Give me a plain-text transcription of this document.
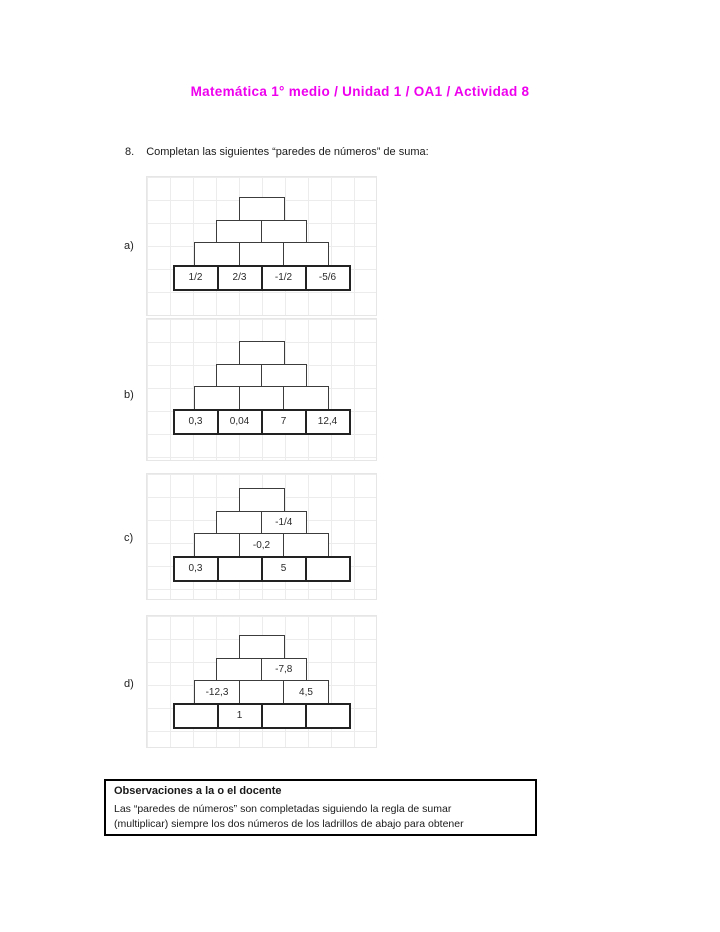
Matemática 1° medio / Unidad 1 / OA1 / Actividad 8
8. Completan las siguientes “paredes de números” de suma:
a)
1/2	2/3	-1/2	-5/6
b)
0,3	0,04	7	12,4
c)
-1/4
-0,2
0,3	5
d)
-7,8
-12,3	4,5
1
Observaciones a la o el docente
Las “paredes de números” son completadas siguiendo la regla de sumar
(multiplicar) siempre los dos números de los ladrillos de abajo para obtener
